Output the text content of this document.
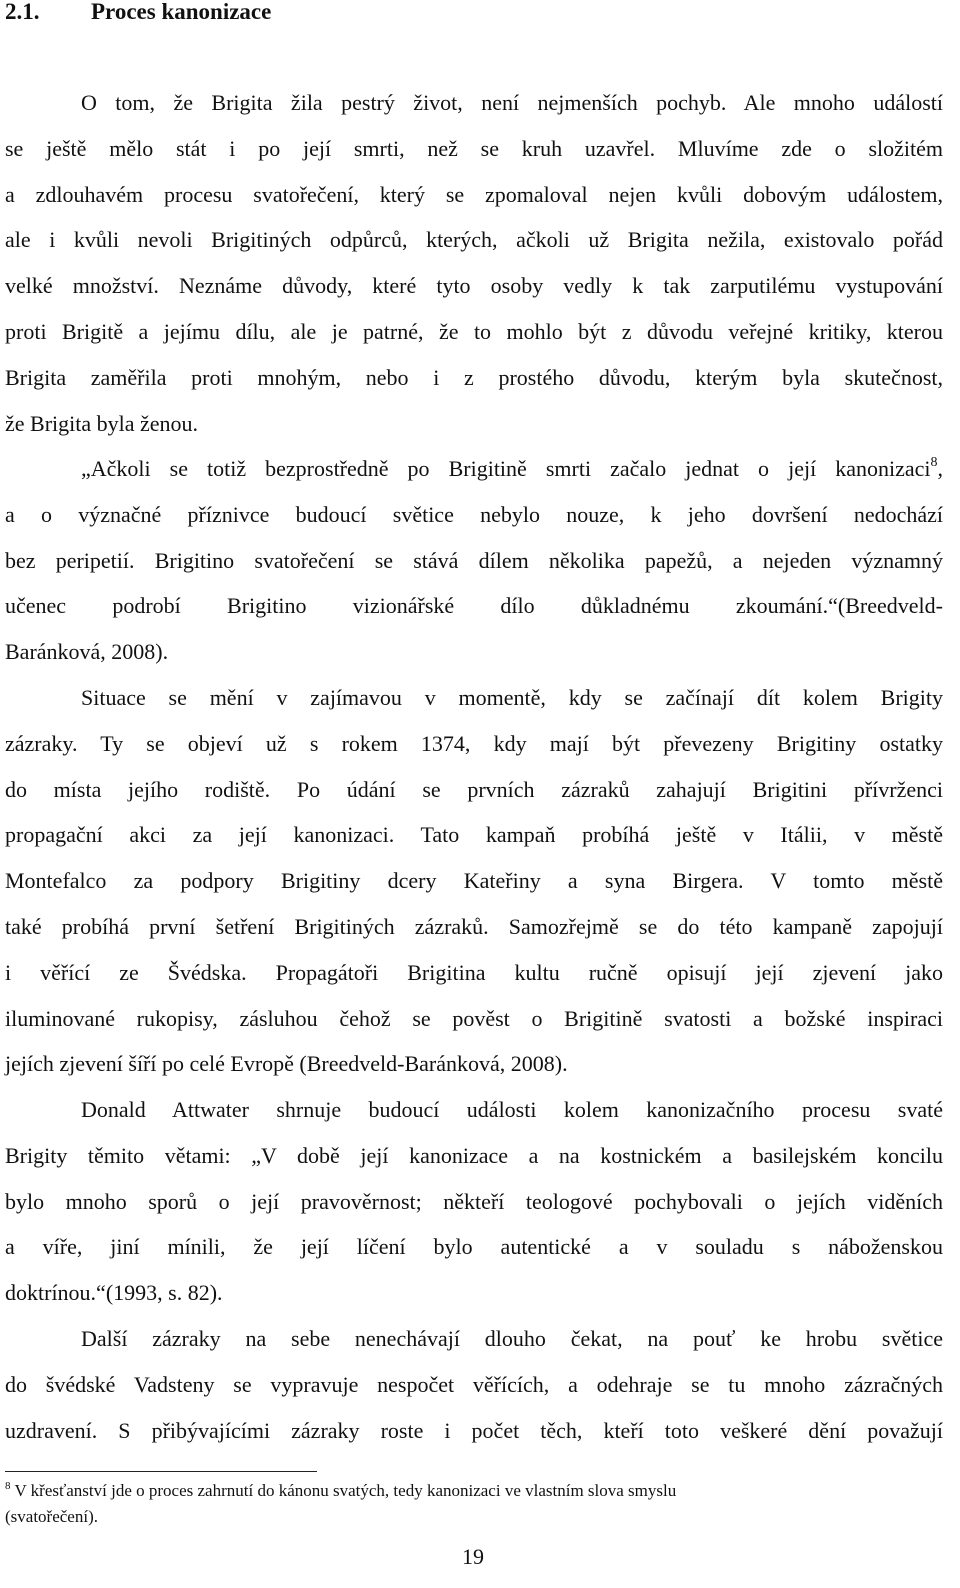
2.1. Proces kanonizace
O tom, že Brigita žila pestrý život, není nejmenších pochyb. Ale mnoho událostí
se ještě mělo stát i po její smrti, než se kruh uzavřel. Mluvíme zde o složitém
a zdlouhavém procesu svatořečení, který se zpomaloval nejen kvůli dobovým událostem,
ale i kvůli nevoli Brigitiných odpůrců, kterých, ačkoli už Brigita nežila, existovalo pořád
velké množství. Neznáme důvody, které tyto osoby vedly k tak zarputilému vystupování
proti Brigitě a jejímu dílu, ale je patrné, že to mohlo být z důvodu veřejné kritiky, kterou
Brigita zaměřila proti mnohým, nebo i z prostého důvodu, kterým byla skutečnost,
že Brigita byla ženou.
„Ačkoli se totiž bezprostředně po Brigitině smrti začalo jednat o její kanonizaci$^8$,
a o význačné příznivce budoucí světice nebylo nouze, k jeho dovršení nedochází
bez peripetií. Brigitino svatořečení se stává dílem několika papežů, a nejeden významný
učenec podrobí Brigitino vizionářské dílo důkladnému zkoumání.“(Breedveld-
Baránková, 2008).
Situace se mění v zajímavou v momentě, kdy se začínají dít kolem Brigity
zázraky. Ty se objeví už s rokem 1374, kdy mají být převezeny Brigitiny ostatky
do místa jejího rodiště. Po údání se prvních zázraků zahajují Brigitini přívrženci
propagační akci za její kanonizaci. Tato kampaň probíhá ještě v Itálii, v městě
Montefalco za podpory Brigitiny dcery Kateřiny a syna Birgera. V tomto městě
také probíhá první šetření Brigitiných zázraků. Samozřejmě se do této kampaně zapojují
i věřící ze Švédska. Propagátoři Brigitina kultu ručně opisují její zjevení jako
iluminované rukopisy, zásluhou čehož se pověst o Brigitině svatosti a božské inspiraci
jejích zjevení šíří po celé Evropě (Breedveld-Baránková, 2008).
Donald Attwater shrnuje budoucí události kolem kanonizačního procesu svaté
Brigity těmito větami: „V době její kanonizace a na kostnickém a basilejském koncilu
bylo mnoho sporů o její pravověrnost; někteří teologové pochybovali o jejích viděních
a víře, jiní mínili, že její líčení bylo autentické a v souladu s náboženskou
doktrínou.“(1993, s. 82).
Další zázraky na sebe nenechávají dlouho čekat, na pouť ke hrobu světice
do švédské Vadsteny se vypravuje nespočet věřících, a odehraje se tu mnoho zázračných
uzdravení. S přibývajícími zázraky roste i počet těch, kteří toto veškeré dění považují
$^8$ V křesťanství jde o proces zahrnutí do kánonu svatých, tedy kanonizaci ve vlastním slova smyslu
(svatořečení).
19
